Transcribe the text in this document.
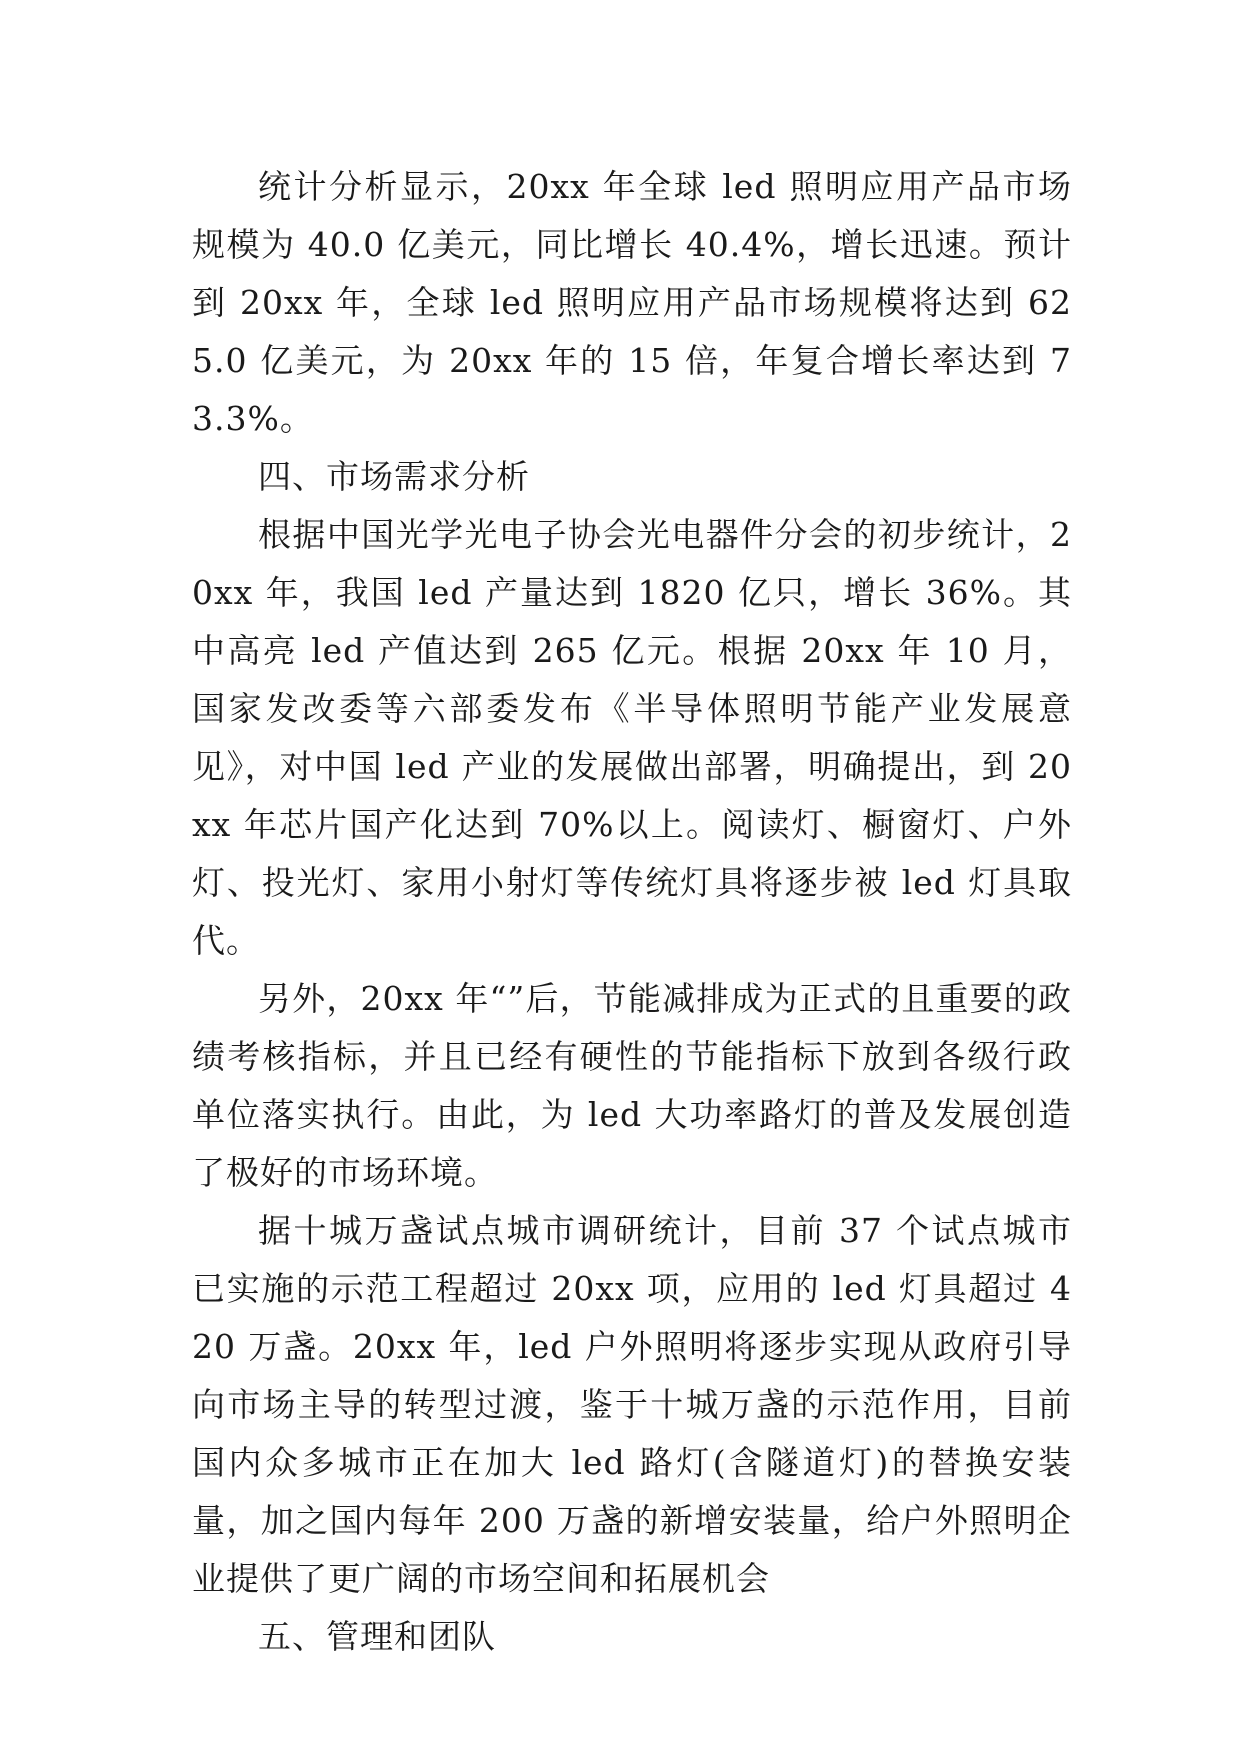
统计分析显示，20xx 年全球 led 照明应用产品市场规模为 40.0 亿美元，同比增长 40.4%，增长迅速。预计到 20xx 年，全球 led 照明应用产品市场规模将达到 625.0 亿美元，为 20xx 年的 15 倍，年复合增长率达到 73.3%。

四、市场需求分析

根据中国光学光电子协会光电器件分会的初步统计，20xx 年，我国 led 产量达到 1820 亿只，增长 36%。其中高亮 led 产值达到 265 亿元。根据 20xx 年 10 月，国家发改委等六部委发布《半导体照明节能产业发展意见》，对中国 led 产业的发展做出部署，明确提出，到 20xx 年芯片国产化达到 70%以上。阅读灯、橱窗灯、户外灯、投光灯、家用小射灯等传统灯具将逐步被 led 灯具取代。

另外，20xx 年“”后，节能减排成为正式的且重要的政绩考核指标，并且已经有硬性的节能指标下放到各级行政单位落实执行。由此，为 led 大功率路灯的普及发展创造了极好的市场环境。

据十城万盏试点城市调研统计，目前 37 个试点城市已实施的示范工程超过 20xx 项，应用的 led 灯具超过 420 万盏。20xx 年，led 户外照明将逐步实现从政府引导向市场主导的转型过渡，鉴于十城万盏的示范作用，目前国内众多城市正在加大 led 路灯(含隧道灯)的替换安装量，加之国内每年 200 万盏的新增安装量，给户外照明企业提供了更广阔的市场空间和拓展机会

五、管理和团队
